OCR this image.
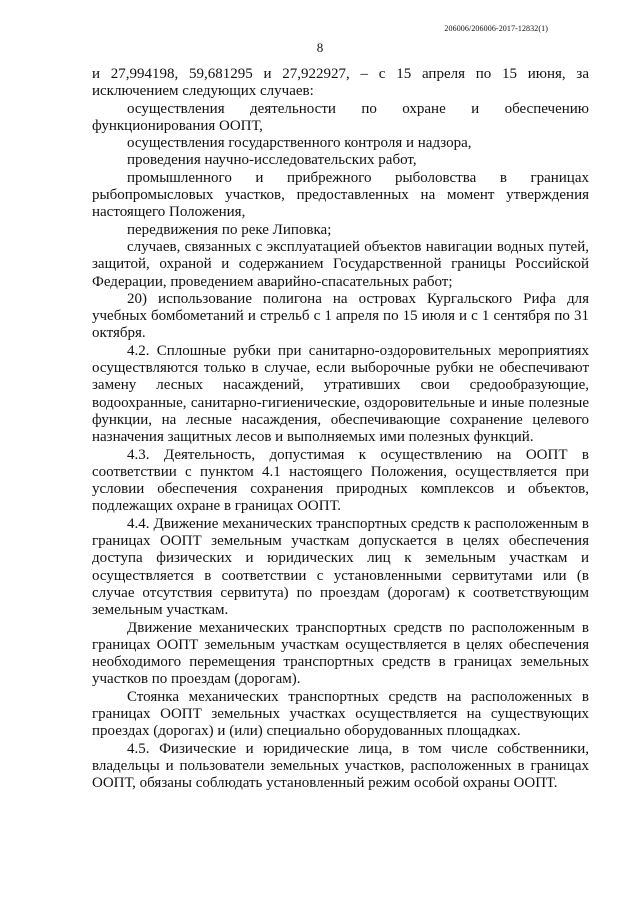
206006/206006-2017-12832(1)
8

и 27,994198, 59,681295 и 27,922927, – с 15 апреля по 15 июня, за исключением следующих случаев:

осуществления деятельности по охране и обеспечению функционирования ООПТ,

осуществления государственного контроля и надзора,

проведения научно-исследовательских работ,

промышленного и прибрежного рыболовства в границах рыбопромысловых участков, предоставленных на момент утверждения настоящего Положения,

передвижения по реке Липовка;

случаев, связанных с эксплуатацией объектов навигации водных путей, защитой, охраной и содержанием Государственной границы Российской Федерации, проведением аварийно-спасательных работ;

20) использование полигона на островах Кургальского Рифа для учебных бомбометаний и стрельб с 1 апреля по 15 июля и с 1 сентября по 31 октября.

4.2. Сплошные рубки при санитарно-оздоровительных мероприятиях осуществляются только в случае, если выборочные рубки не обеспечивают замену лесных насаждений, утративших свои средообразующие, водоохранные, санитарно-гигиенические, оздоровительные и иные полезные функции, на лесные насаждения, обеспечивающие сохранение целевого назначения защитных лесов и выполняемых ими полезных функций.

4.3. Деятельность, допустимая к осуществлению на ООПТ в соответствии с пунктом 4.1 настоящего Положения, осуществляется при условии обеспечения сохранения природных комплексов и объектов, подлежащих охране в границах ООПТ.

4.4. Движение механических транспортных средств к расположенным в границах ООПТ земельным участкам допускается в целях обеспечения доступа физических и юридических лиц к земельным участкам и осуществляется в соответствии с установленными сервитутами или (в случае отсутствия сервитута) по проездам (дорогам) к соответствующим земельным участкам.

Движение механических транспортных средств по расположенным в границах ООПТ земельным участкам осуществляется в целях обеспечения необходимого перемещения транспортных средств в границах земельных участков по проездам (дорогам).

Стоянка механических транспортных средств на расположенных в границах ООПТ земельных участках осуществляется на существующих проездах (дорогах) и (или) специально оборудованных площадках.

4.5. Физические и юридические лица, в том числе собственники, владельцы и пользователи земельных участков, расположенных в границах ООПТ, обязаны соблюдать установленный режим особой охраны ООПТ.
